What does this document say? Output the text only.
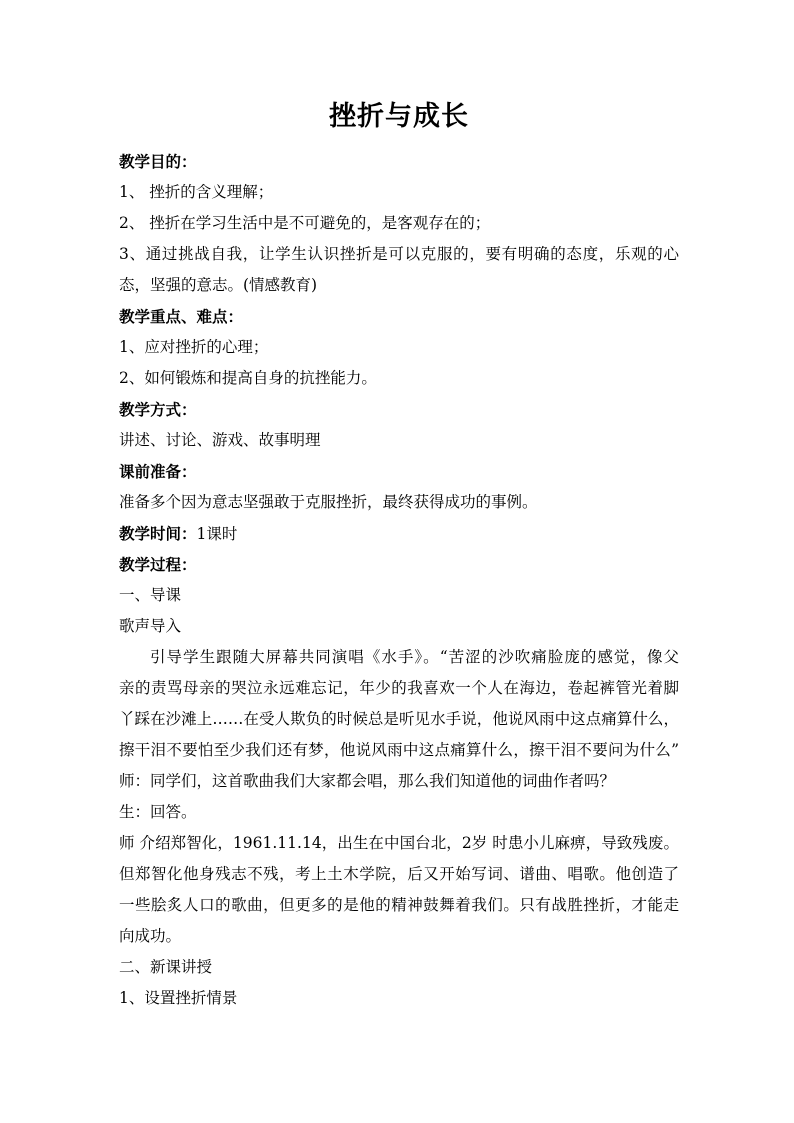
挫折与成长
教学目的：
1、 挫折的含义理解；
2、 挫折在学习生活中是不可避免的，是客观存在的；
3、通过挑战自我，让学生认识挫折是可以克服的，要有明确的态度，乐观的心
态，坚强的意志。(情感教育)
教学重点、难点：
1、应对挫折的心理；
2、如何锻炼和提高自身的抗挫能力。
教学方式：
讲述、讨论、游戏、故事明理
课前准备：
准备多个因为意志坚强敢于克服挫折，最终获得成功的事例。
教学时间：1课时
教学过程：
一、导课
歌声导入
引导学生跟随大屏幕共同演唱《水手》。“苦涩的沙吹痛脸庞的感觉，像父
亲的责骂母亲的哭泣永远难忘记，年少的我喜欢一个人在海边，卷起裤管光着脚
丫踩在沙滩上……在受人欺负的时候总是听见水手说，他说风雨中这点痛算什么，
擦干泪不要怕至少我们还有梦，他说风雨中这点痛算什么，擦干泪不要问为什么”
师：同学们，这首歌曲我们大家都会唱，那么我们知道他的词曲作者吗？
生：回答。
师 介绍郑智化，1961.11.14，出生在中国台北，2岁 时患小儿麻痹，导致残废。
但郑智化他身残志不残，考上土木学院，后又开始写词、谱曲、唱歌。他创造了
一些脍炙人口的歌曲，但更多的是他的精神鼓舞着我们。只有战胜挫折，才能走
向成功。
二、新课讲授
1、设置挫折情景
